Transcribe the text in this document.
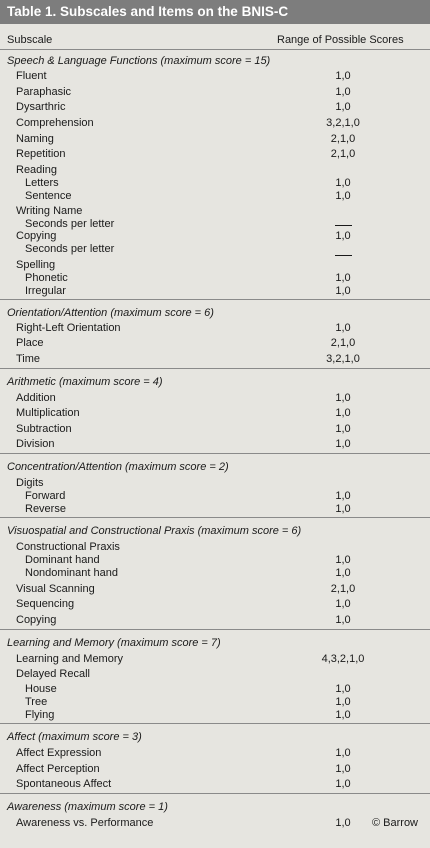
Table 1. Subscales and Items on the BNIS-C
Subscale	Range of Possible Scores
Speech & Language Functions (maximum score = 15)
Fluent	1,0
Paraphasic	1,0
Dysarthric	1,0
Comprehension	3,2,1,0
Naming	2,1,0
Repetition	2,1,0
Reading
Letters	1,0
Sentence	1,0
Writing Name
Seconds per letter
Copying	1,0
Seconds per letter
Spelling
Phonetic	1,0
Irregular	1,0
Orientation/Attention (maximum score = 6)
Right-Left Orientation	1,0
Place	2,1,0
Time	3,2,1,0
Arithmetic (maximum score = 4)
Addition	1,0
Multiplication	1,0
Subtraction	1,0
Division	1,0
Concentration/Attention (maximum score = 2)
Digits
Forward	1,0
Reverse	1,0
Visuospatial and Constructional Praxis (maximum score = 6)
Constructional Praxis
Dominant hand	1,0
Nondominant hand	1,0
Visual Scanning	2,1,0
Sequencing	1,0
Copying	1,0
Learning and Memory (maximum score = 7)
Learning and Memory	4,3,2,1,0
Delayed Recall
House	1,0
Tree	1,0
Flying	1,0
Affect (maximum score = 3)
Affect Expression	1,0
Affect Perception	1,0
Spontaneous Affect	1,0
Awareness (maximum score = 1)
Awareness vs. Performance	1,0	© Barrow
